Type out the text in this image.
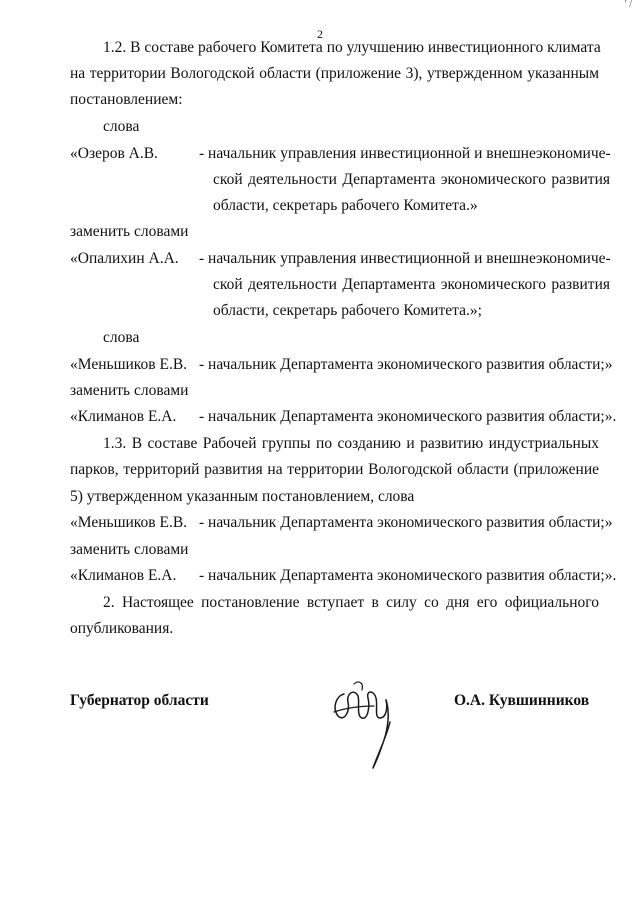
' /

2

1.2. В составе рабочего Комитета по улучшению инвестиционного климата

на территории Вологодской области (приложение 3), утвержденном указанным

постановлением:

слова

«Озеров А.В.	- начальник управления инвестиционной и внешнеэкономиче-

ской деятельности Департамента экономического развития

области, секретарь рабочего Комитета.»

заменить словами

«Опалихин А.А. - начальник управления инвестиционной и внешнеэкономиче-

ской деятельности Департамента экономического развития

области, секретарь рабочего Комитета.»;

слова

«Меньшиков Е.В. - начальник Департамента экономического развития области;»

заменить словами

«Климанов Е.А. - начальник Департамента экономического развития области;».

1.3. В составе Рабочей группы по созданию и развитию индустриальных

парков, территорий развития на территории Вологодской области (приложение

5) утвержденном указанным постановлением, слова

«Меньшиков Е.В. - начальник Департамента экономического развития области;»

заменить словами

«Климанов Е.А. - начальник Департамента экономического развития области;».

2. Настоящее постановление вступает в силу со дня его официального

опубликования.

Губернатор области	О.А. Кувшинников
